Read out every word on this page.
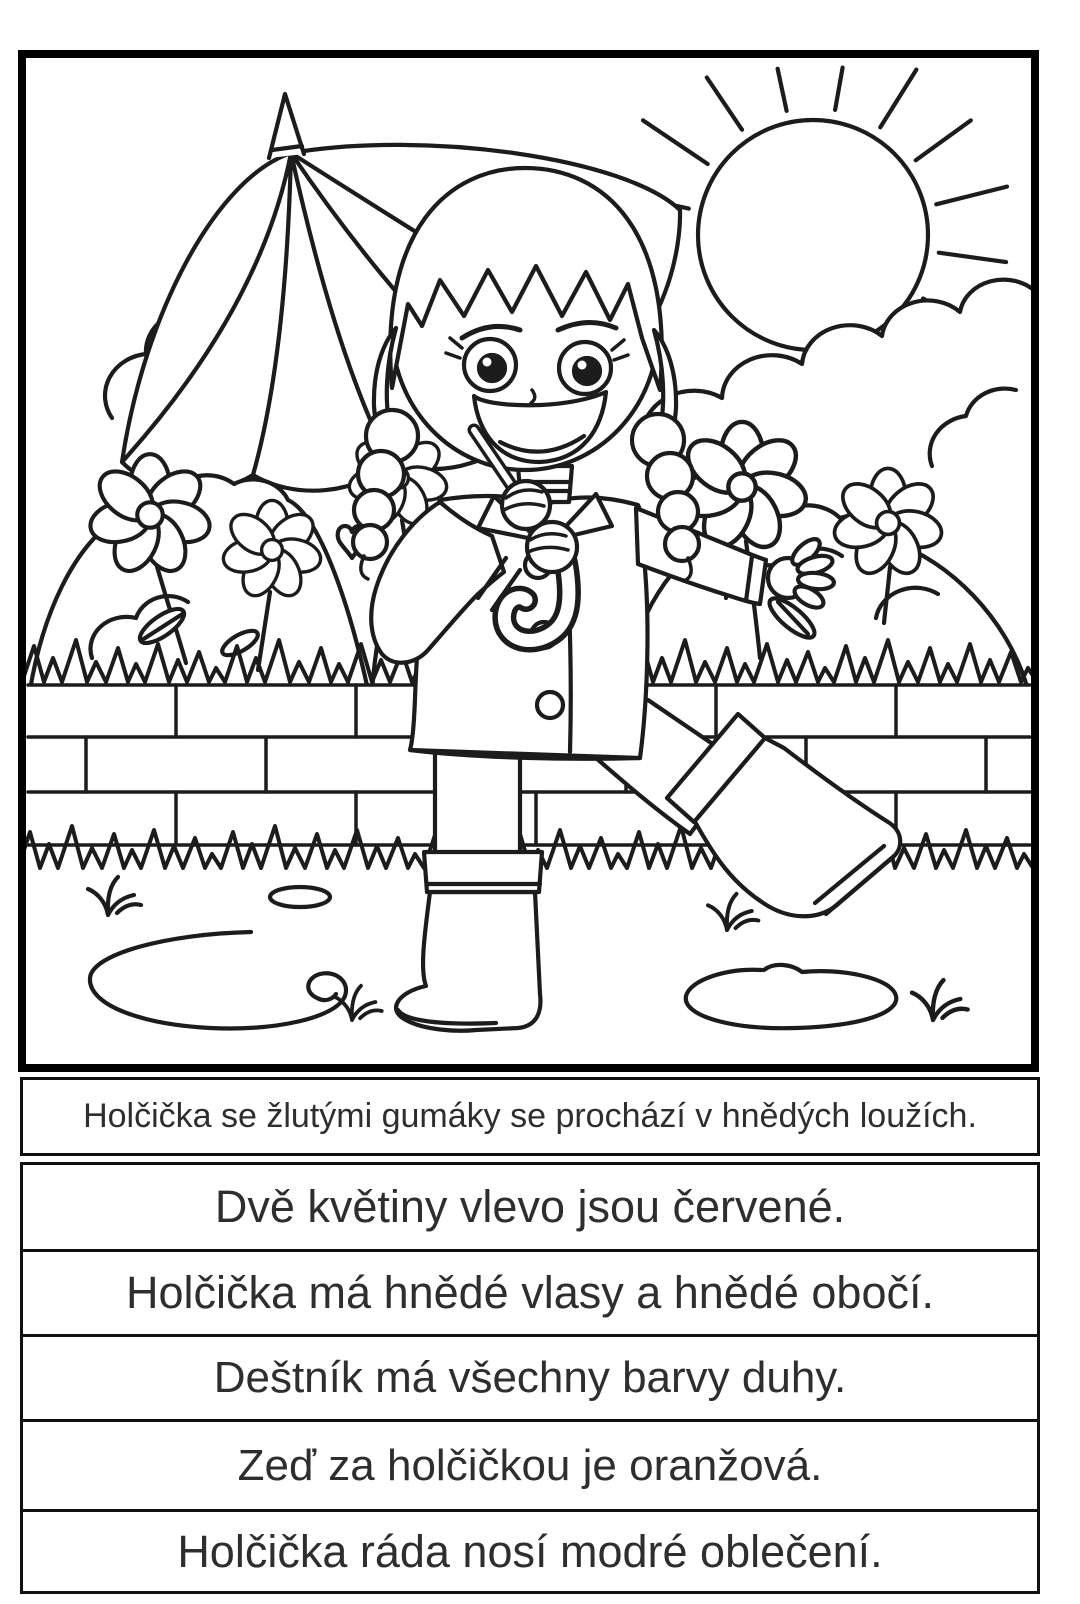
Holčička se žlutými gumáky se prochází v hnědých loužích.
Dvě květiny vlevo jsou červené.
Holčička má hnědé vlasy a hnědé obočí.
Deštník má všechny barvy duhy.
Zeď za holčičkou je oranžová.
Holčička ráda nosí modré oblečení.
